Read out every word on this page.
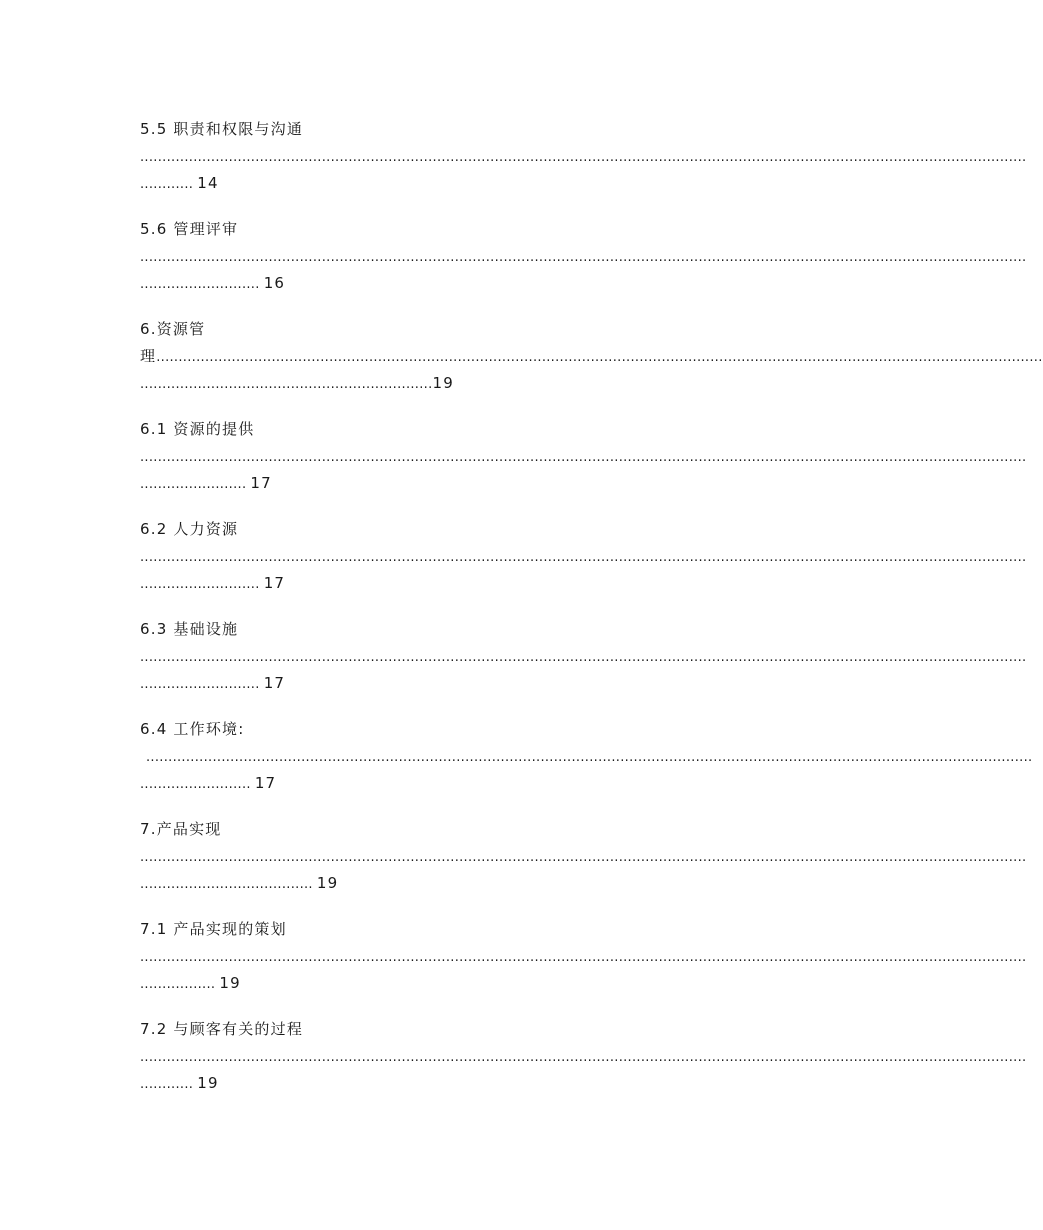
5.5 职责和权限与沟通
........................................................................................................................................................................................................
............ 14
5.6 管理评审
........................................................................................................................................................................................................
........................... 16
6.资源管
理........................................................................................................................................................................................................
..................................................................19
6.1 资源的提供
........................................................................................................................................................................................................
........................ 17
6.2 人力资源
........................................................................................................................................................................................................
........................... 17
6.3 基础设施
........................................................................................................................................................................................................
........................... 17
6.4 工作环境:
........................................................................................................................................................................................................
......................... 17
7.产品实现
........................................................................................................................................................................................................
....................................... 19
7.1 产品实现的策划
........................................................................................................................................................................................................
................. 19
7.2 与顾客有关的过程
........................................................................................................................................................................................................
............ 19
